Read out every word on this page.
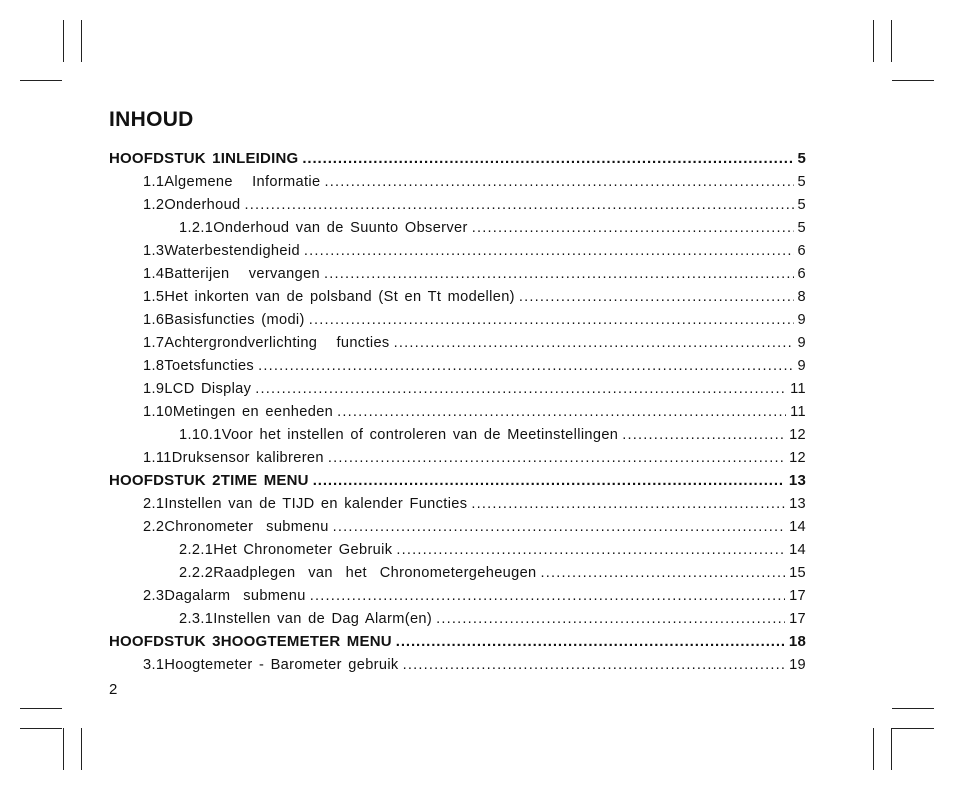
INHOUD
HOOFDSTUK 1 INLEIDING .....	5
1.1 Algemene   Informatie .....	5
1.2 Onderhoud .....	5
1.2.1 Onderhoud van de Suunto Observer .....	5
1.3 Waterbestendigheid .....	6
1.4 Batterijen   vervangen .....	6
1.5 Het inkorten van de polsband (St en Tt modellen) .....	8
1.6 Basisfuncties (modi) .....	9
1.7 Achtergrondverlichting   functies .....	9
1.8 Toetsfuncties .....	9
1.9 LCD Display .....	11
1.10 Metingen en eenheden .....	11
1.10.1 Voor het instellen of controleren van de Meetinstellingen .....	12
1.11 Druksensor kalibreren .....	12
HOOFDSTUK 2 TIME MENU .....	13
2.1 Instellen van de TIJD en kalender Functies .....	13
2.2 Chronometer  submenu .....	14
2.2.1 Het Chronometer Gebruik .....	14
2.2.2 Raadplegen  van  het  Chronometergeheugen .....	15
2.3 Dagalarm  submenu .....	17
2.3.1 Instellen van de Dag Alarm(en) .....	17
HOOFDSTUK 3 HOOGTEMETER MENU .....	18
3.1 Hoogtemeter - Barometer gebruik .....	19
2
